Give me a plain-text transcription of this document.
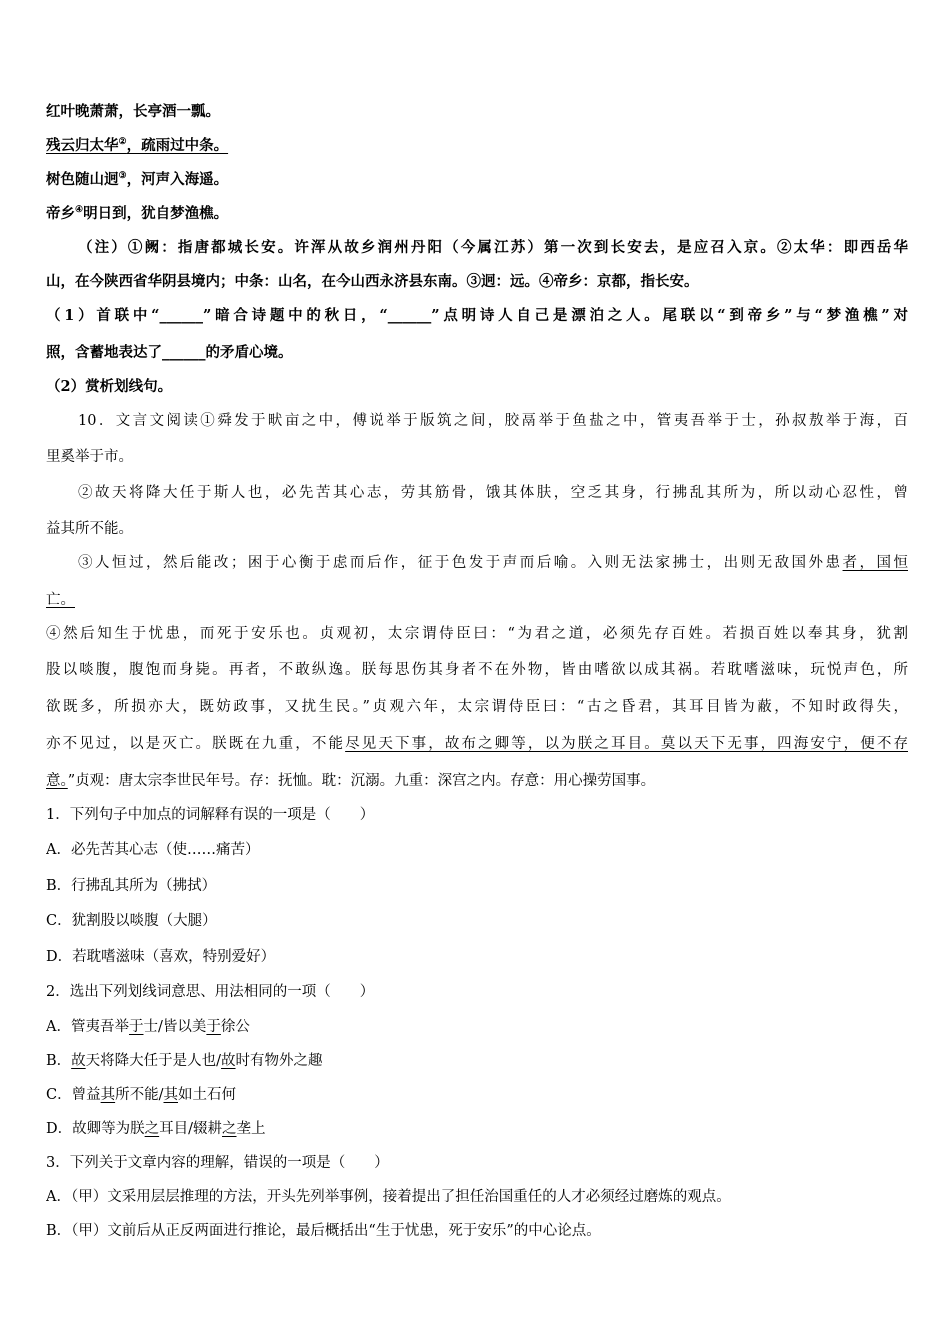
红叶晚萧萧，长亭酒一瓢。
残云归太华②，疏雨过中条。
树色随山迥③，河声入海遥。
帝乡④明日到，犹自梦渔樵。
（注）①阙：指唐都城长安。许浑从故乡润州丹阳（今属江苏）第一次到长安去，是应召入京。②太华：即西岳华
山，在今陕西省华阴县境内；中条：山名，在今山西永济县东南。③迥：远。④帝乡：京都，指长安。
（1）首联中“______”暗合诗题中的秋日，“______”点明诗人自己是漂泊之人。尾联以“到帝乡”与“梦渔樵”对
照，含蓄地表达了______的矛盾心境。
（2）赏析划线句。
10．文言文阅读①舜发于畎亩之中，傅说举于版筑之间，胶鬲举于鱼盐之中，管夷吾举于士，孙叔敖举于海，百
里奚举于市。
②故天将降大任于斯人也，必先苦其心志，劳其筋骨，饿其体肤，空乏其身，行拂乱其所为，所以动心忍性，曾
益其所不能。
③人恒过，然后能改；困于心衡于虑而后作，征于色发于声而后喻。入则无法家拂士，出则无敌国外患者，国恒
亡。
④然后知生于忧患，而死于安乐也。贞观初，太宗谓侍臣曰：“为君之道，必须先存百姓。若损百姓以奉其身，犹割
股以啖腹，腹饱而身毙。再者，不敢纵逸。朕每思伤其身者不在外物，皆由嗜欲以成其祸。若耽嗜滋味，玩悦声色，所
欲既多，所损亦大，既妨政事，又扰生民。”贞观六年，太宗谓侍臣曰：“古之昏君，其耳目皆为蔽，不知时政得失，
亦不见过，以是灭亡。朕既在九重，不能尽见天下事，故布之卿等，以为朕之耳目。莫以天下无事，四海安宁，便不存
意。”贞观：唐太宗李世民年号。存：抚恤。耽：沉溺。九重：深宫之内。存意：用心操劳国事。
1．下列句子中加点的词解释有误的一项是（　　）
A．必先苦其心志（使……痛苦）
B．行拂乱其所为（拂拭）
C．犹割股以啖腹（大腿）
D．若耽嗜滋味（喜欢，特别爱好）
2．选出下列划线词意思、用法相同的一项（　　）
A．管夷吾举于士/皆以美于徐公
B．故天将降大任于是人也/故时有物外之趣
C．曾益其所不能/其如土石何
D．故卿等为朕之耳目/辍耕之垄上
3．下列关于文章内容的理解，错误的一项是（　　）
A．（甲）文采用层层推理的方法，开头先列举事例，接着提出了担任治国重任的人才必须经过磨炼的观点。
B．（甲）文前后从正反两面进行推论，最后概括出“生于忧患，死于安乐”的中心论点。
